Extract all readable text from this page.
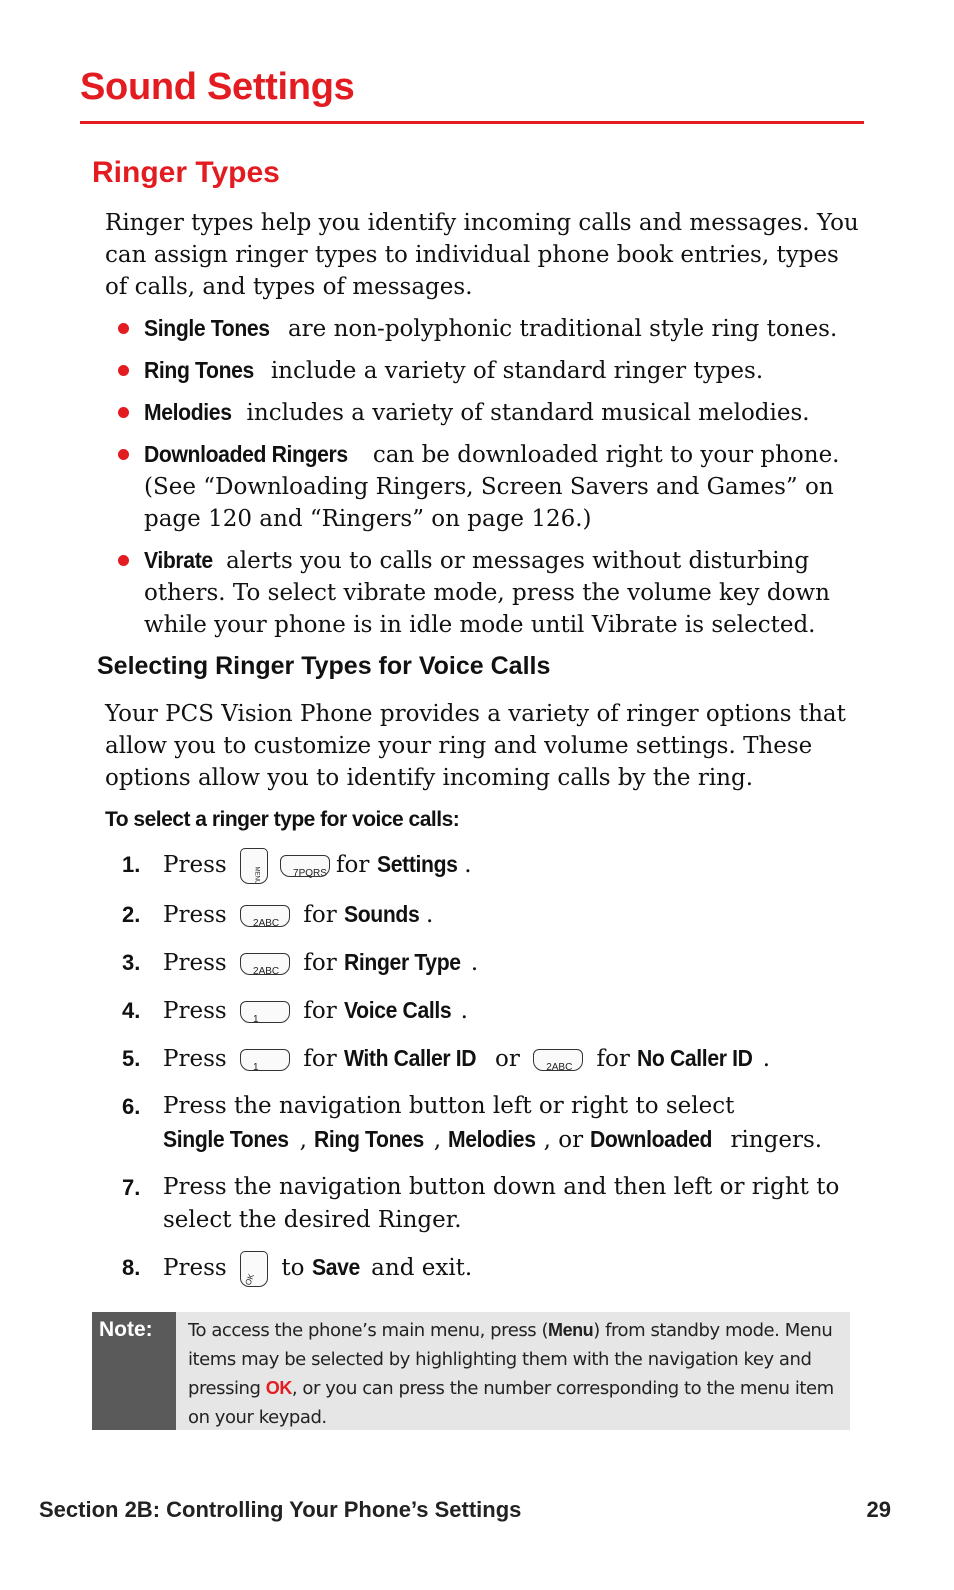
Sound Settings
Ringer Types

Ringer types help you identify incoming calls and messages. You can assign ringer types to individual phone book entries, types of calls, and types of messages.

Single Tones are non-polyphonic traditional style ring tones.
Ring Tones include a variety of standard ringer types.
Melodies includes a variety of standard musical melodies.
Downloaded Ringers can be downloaded right to your phone. (See “Downloading Ringers, Screen Savers and Games” on page 120 and “Ringers” on page 126.)
Vibrate alerts you to calls or messages without disturbing others. To select vibrate mode, press the volume key down while your phone is in idle mode until Vibrate is selected.
Selecting Ringer Types for Voice Calls

Your PCS Vision Phone provides a variety of ringer options that allow you to customize your ring and volume settings. These options allow you to identify incoming calls by the ring.

To select a ringer type for voice calls:
1. Press	MENU	7PQRS for Settings .
2. Press	2ABC for Sounds .
3. Press	2ABC for Ringer Type .
4. Press	1 for Voice Calls .
5. Press	1 for With Caller ID or	2ABC for No Caller ID .
6. Press the navigation button left or right to select Single Tones , Ring Tones , Melodies , or Downloaded ringers.
7. Press the navigation button down and then left or right to select the desired Ringer.
8. Press	OK	to Save and exit.
Note: To access the phone’s main menu, press (Menu) from standby mode. Menu items may be selected by highlighting them with the navigation key and pressing OK, or you can press the number corresponding to the menu item on your keypad.
Section 2B: Controlling Your Phone’s Settings	29
